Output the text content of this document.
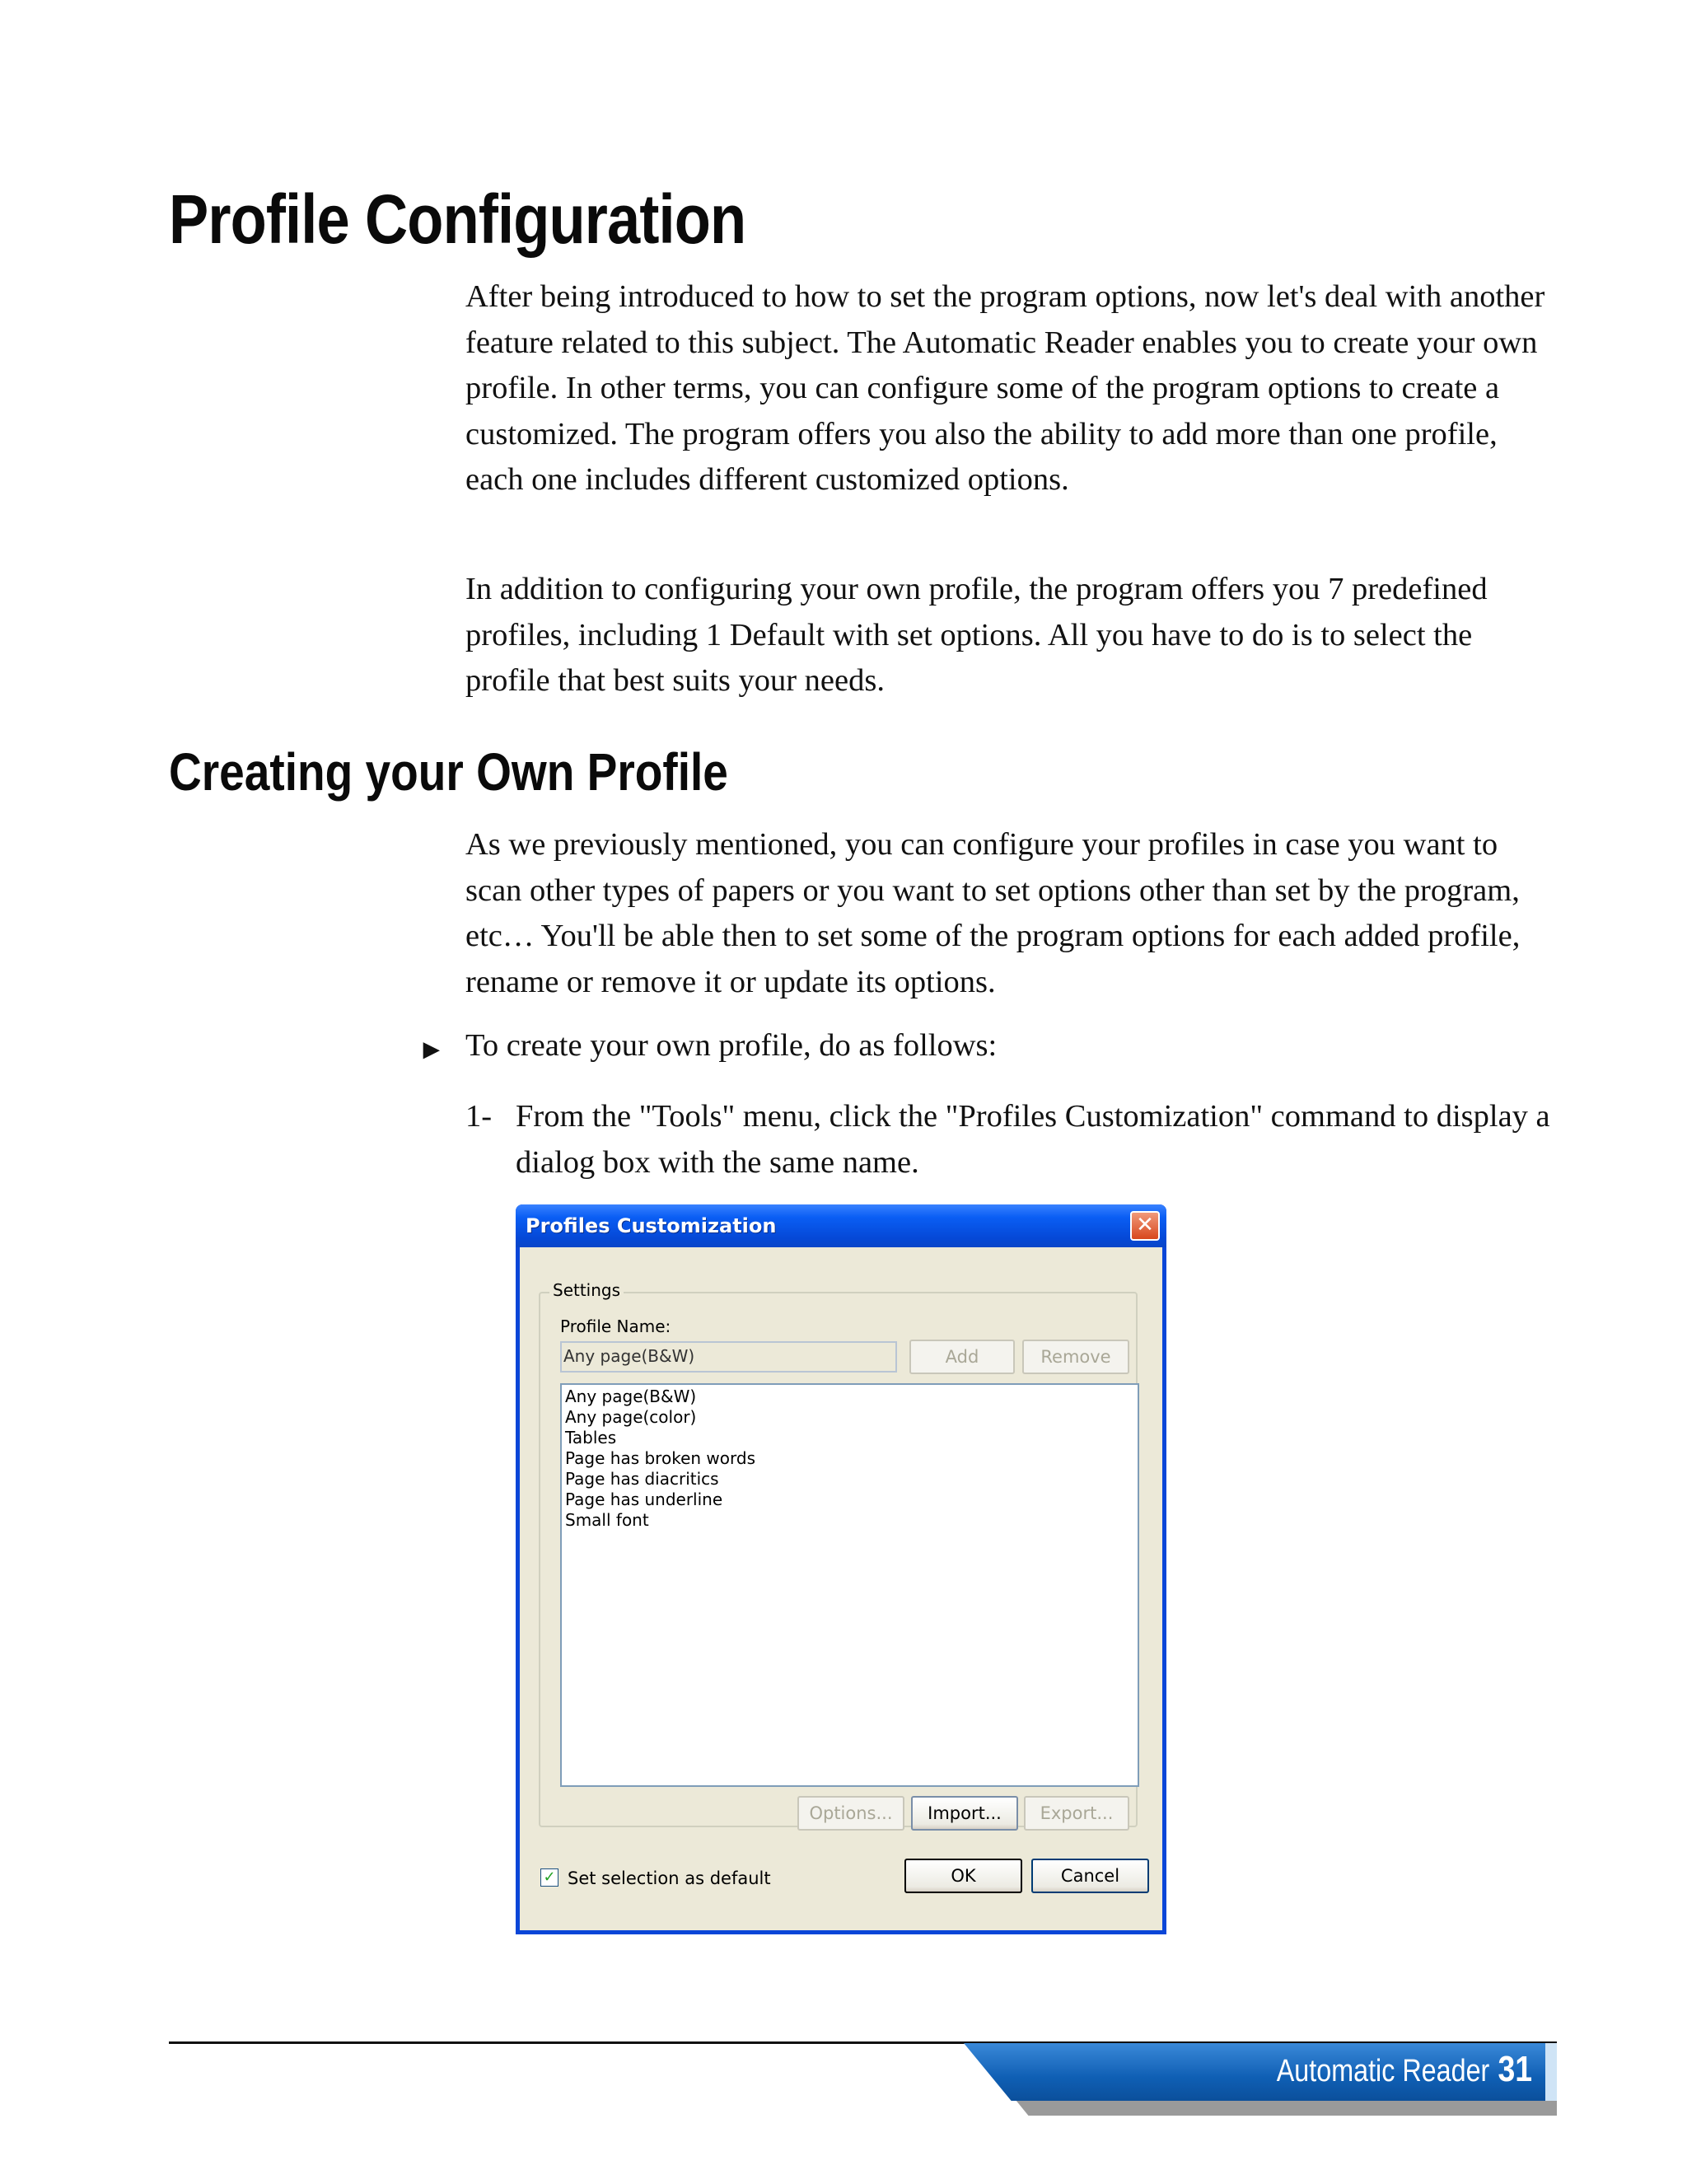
Profile Configuration

After being introduced to how to set the program options, now let's deal with another feature related to this subject. The Automatic Reader enables you to create your own profile. In other terms, you can configure some of the program options to create a customized. The program offers you also the ability to add more than one profile, each one includes different customized options.

In addition to configuring your own profile, the program offers you 7 predefined profiles, including 1 Default with set options. All you have to do is to select the profile that best suits your needs.

Creating your Own Profile

As we previously mentioned, you can configure your profiles in case you want to scan other types of papers or you want to set options other than set by the program, etc… You'll be able then to set some of the program options for each added profile, rename or remove it or update its options.

► To create your own profile, do as follows:

1- From the "Tools" menu, click the "Profiles Customization" command to display a dialog box with the same name.
Profiles Customization	✕
Settings
Profile Name:
Any page(B&W)	Add	Remove
Any page(B&W)
Any page(color)
Tables
Page has broken words
Page has diacritics
Page has underline
Small font
Options...	Import...	Export...
✓ Set selection as default	OK	Cancel
Automatic Reader 31
